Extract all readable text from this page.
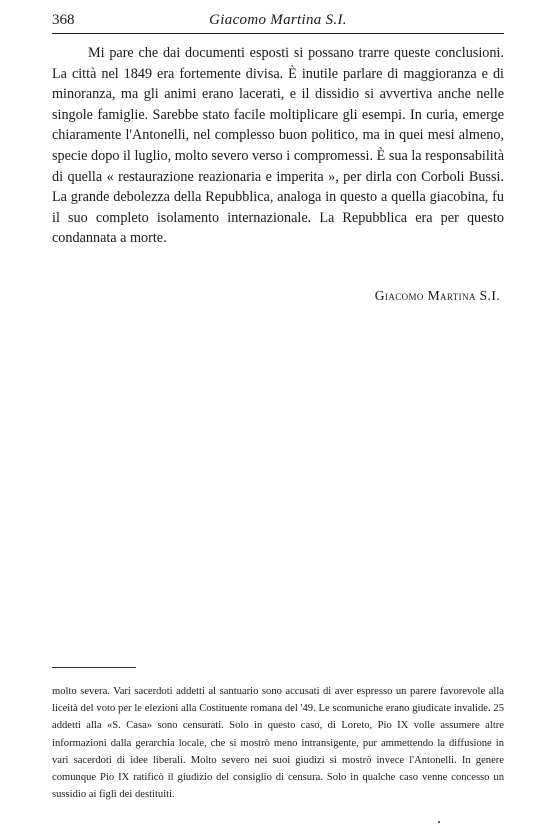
368	Giacomo Martina S.I.

Mi pare che dai documenti esposti si possano trarre queste conclusioni. La città nel 1849 era fortemente divisa. È inutile parlare di maggioranza e di minoranza, ma gli animi erano lacerati, e il dissidio si avvertiva anche nelle singole famiglie. Sarebbe stato facile moltiplicare gli esempi. In curia, emerge chiaramente l'Antonelli, nel complesso buon politico, ma in quei mesi almeno, specie dopo il luglio, molto severo verso i compromessi. È sua la responsabilità di quella « restaurazione reazionaria e imperita », per dirla con Corboli Bussi. La grande debolezza della Repubblica, analoga in questo a quella giacobina, fu il suo completo isolamento internazionale. La Repubblica era per questo condannata a morte.

Giacomo Martina S.I.

molto severa. Vari sacerdoti addetti al santuario sono accusati di aver espresso un parere favorevole alla liceità del voto per le elezioni alla Costituente romana del '49. Le scomuniche erano giudicate invalide. 25 addetti alla «S. Casa» sono censurati. Solo in questo caso, di Loreto, Pio IX volle assumere altre informazioni dalla gerarchia locale, che si mostrò meno intransigente, pur ammettendo la diffusione in vari sacerdoti di idee liberali. Molto severo nei suoi giudizi si mostrò invece l'Antonelli. In genere comunque Pio IX ratificò il giudizio del consiglio di censura. Solo in qualche caso venne concesso un sussidio ai figli dei destituiti.
